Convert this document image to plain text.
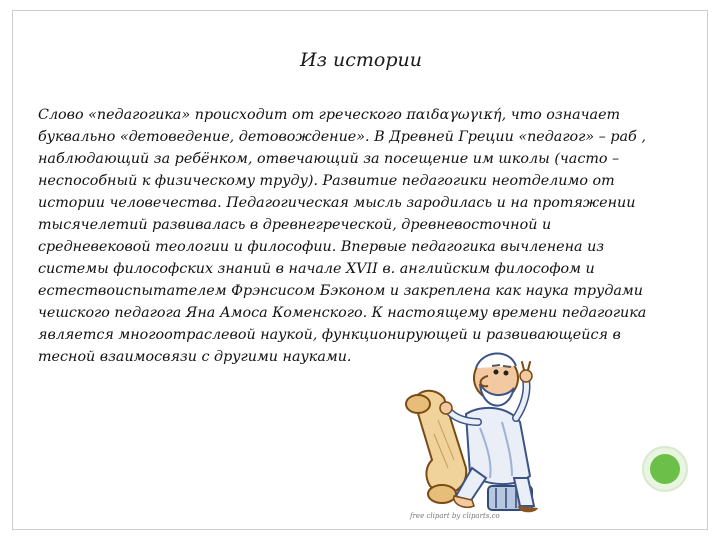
Из истории
Слово «педагогика» происходит от греческого παιδαγωγική, что означает
буквально «детоведение, детовождение». В Древней Греции «педагог» – раб ,
наблюдающий за ребёнком, отвечающий за посещение им школы (часто –
неспособный к физическому труду). Развитие педагогики неотделимо от
истории человечества. Педагогическая мысль зародилась и на протяжении
тысячелетий развивалась в древнегреческой, древневосточной и
средневековой теологии и философии. Впервые педагогика вычленена из
системы философских знаний в начале XVII в. английским философом и
естествоиспытателем Фрэнсисом Бэконом и закреплена как наука трудами
чешского педагога Яна Амоса Коменского. К настоящему времени педагогика
является многоотраслевой наукой, функционирующей и развивающейся в
тесной взаимосвязи с другими науками.
free clipart by cliparts.co
